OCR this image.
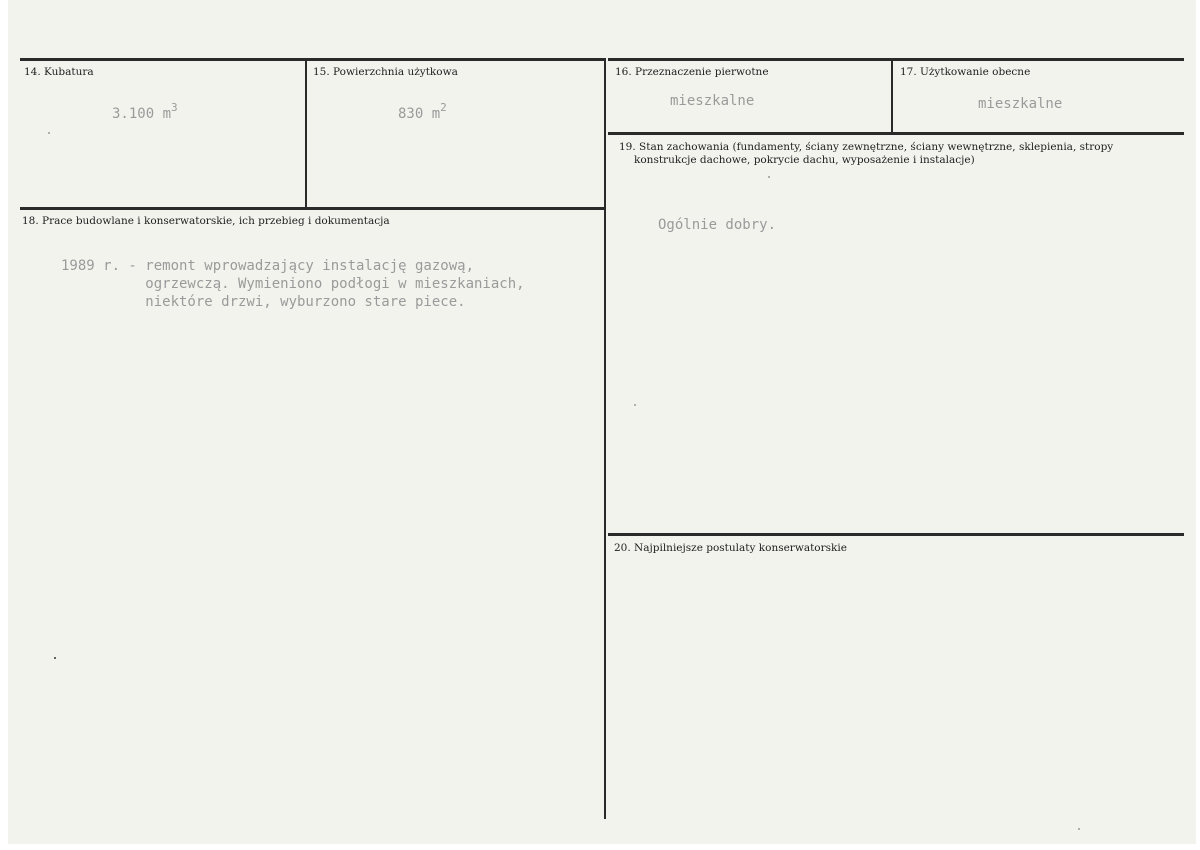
14. Kubatura
3.100 $m^3$
15. Powierzchnia użytkowa
830 $m^2$
16. Przeznaczenie pierwotne
mieszkalne
17. Użytkowanie obecne
mieszkalne
19. Stan zachowania (fundamenty, ściany zewnętrzne, ściany wewnętrzne, sklepienia, stropy
konstrukcje dachowe, pokrycie dachu, wyposażenie i instalacje)
Ogólnie dobry.
18. Prace budowlane i konserwatorskie, ich przebieg i dokumentacja
1989 r. - remont wprowadzający instalację gazową,
ogrzewczą. Wymieniono podłogi w mieszkaniach,
niektóre drzwi, wyburzono stare piece.
20. Najpilniejsze postulaty konserwatorskie
